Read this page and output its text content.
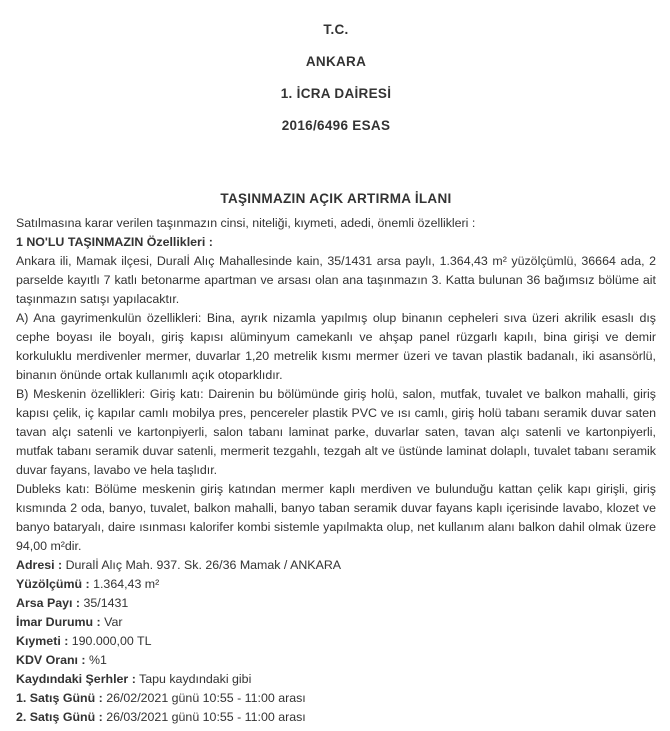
T.C.
ANKARA
1. İCRA DAİRESİ
2016/6496 ESAS
TAŞINMAZIN AÇIK ARTIRMA İLANI

Satılmasına karar verilen taşınmazın cinsi, niteliği, kıymeti, adedi, önemli özellikleri :

1 NO'LU TAŞINMAZIN Özellikleri :

Ankara ili, Mamak ilçesi, Duralİ Alıç Mahallesinde kain, 35/1431 arsa paylı, 1.364,43 m² yüzölçümlü, 36664 ada, 2 parselde kayıtlı 7 katlı betonarme apartman ve arsası olan ana taşınmazın 3. Katta bulunan 36 bağımsız bölüme ait taşınmazın satışı yapılacaktır.

A) Ana gayrimenkulün özellikleri: Bina, ayrık nizamla yapılmış olup binanın cepheleri sıva üzeri akrilik esaslı dış cephe boyası ile boyalı, giriş kapısı alüminyum camekanlı ve ahşap panel rüzgarlı kapılı, bina girişi ve demir korkuluklu merdivenler mermer, duvarlar 1,20 metrelik kısmı mermer üzeri ve tavan plastik badanalı, iki asansörlü, binanın önünde ortak kullanımlı açık otoparklıdır.

B) Meskenin özellikleri: Giriş katı: Dairenin bu bölümünde giriş holü, salon, mutfak, tuvalet ve balkon mahalli, giriş kapısı çelik, iç kapılar camlı mobilya pres, pencereler plastik PVC ve ısı camlı, giriş holü tabanı seramik duvar saten tavan alçı satenli ve kartonpiyerli, salon tabanı laminat parke, duvarlar saten, tavan alçı satenli ve kartonpiyerli, mutfak tabanı seramik duvar satenli, mermerit tezgahlı, tezgah alt ve üstünde laminat dolaplı, tuvalet tabanı seramik duvar fayans, lavabo ve hela taşlıdır.

Dubleks katı: Bölüme meskenin giriş katından mermer kaplı merdiven ve bulunduğu kattan çelik kapı girişli, giriş kısmında 2 oda, banyo, tuvalet, balkon mahalli, banyo taban seramik duvar fayans kaplı içerisinde lavabo, klozet ve banyo bataryalı, daire ısınması kalorifer kombi sistemle yapılmakta olup, net kullanım alanı balkon dahil olmak üzere 94,00 m²dir.

Adresi : Duralİ Alıç Mah. 937. Sk. 26/36 Mamak / ANKARA

Yüzölçümü : 1.364,43 m²

Arsa Payı : 35/1431

İmar Durumu : Var

Kıymeti : 190.000,00 TL

KDV Oranı : %1

Kaydındaki Şerhler : Tapu kaydındaki gibi

1. Satış Günü : 26/02/2021 günü 10:55 - 11:00 arası

2. Satış Günü : 26/03/2021 günü 10:55 - 11:00 arası
